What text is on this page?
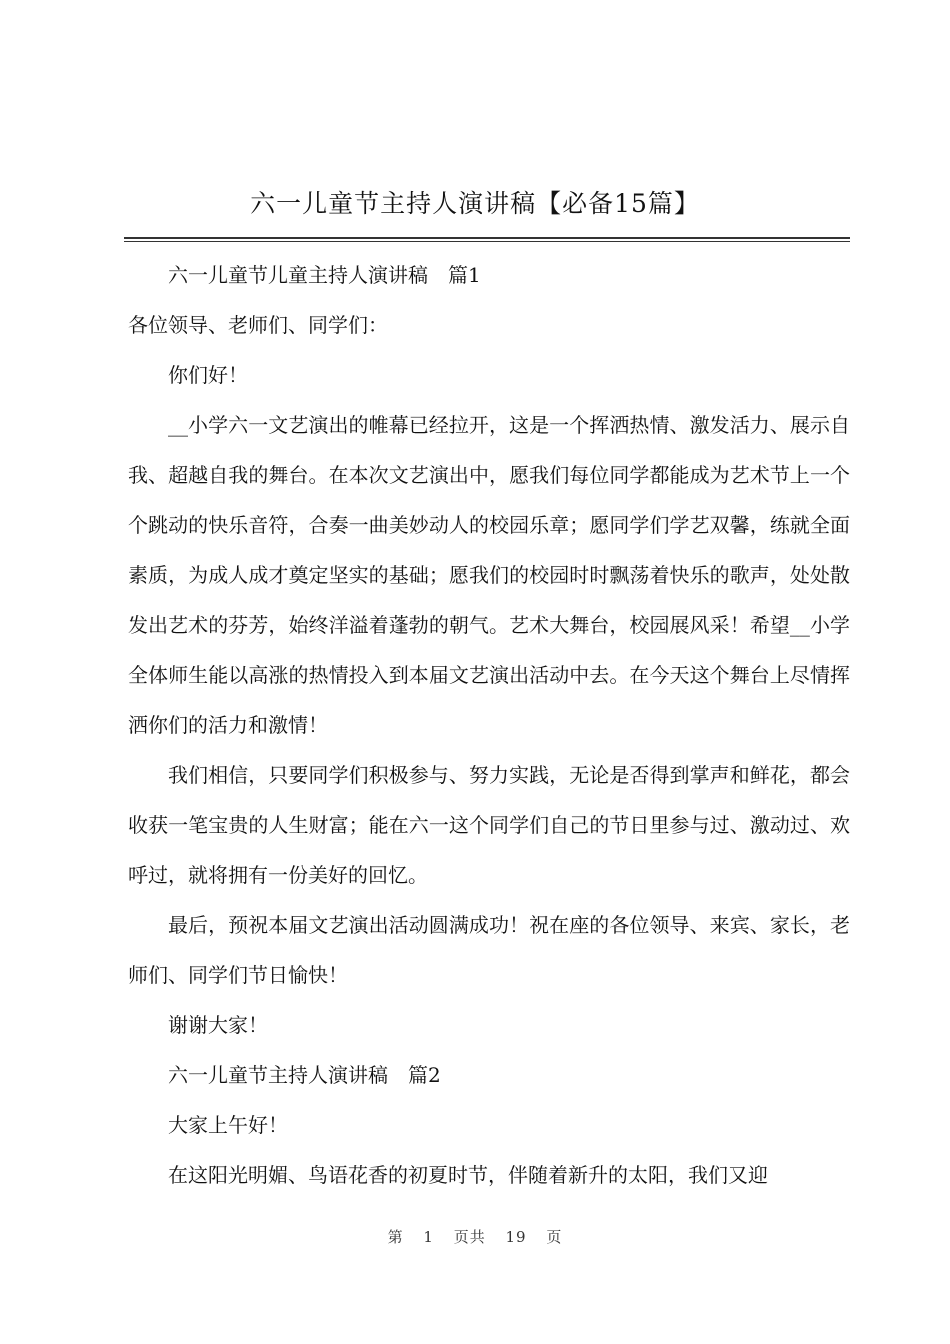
六一儿童节主持人演讲稿【必备15篇】

六一儿童节儿童主持人演讲稿　篇1

各位领导、老师们、同学们：

你们好！

__小学六一文艺演出的帷幕已经拉开，这是一个挥洒热情、激发活力、展示自我、超越自我的舞台。在本次文艺演出中，愿我们每位同学都能成为艺术节上一个个跳动的快乐音符，合奏一曲美妙动人的校园乐章；愿同学们学艺双馨，练就全面素质，为成人成才奠定坚实的基础；愿我们的校园时时飘荡着快乐的歌声，处处散发出艺术的芬芳，始终洋溢着蓬勃的朝气。艺术大舞台，校园展风采！希望__小学全体师生能以高涨的热情投入到本届文艺演出活动中去。在今天这个舞台上尽情挥洒你们的活力和激情！

我们相信，只要同学们积极参与、努力实践，无论是否得到掌声和鲜花，都会收获一笔宝贵的人生财富；能在六一这个同学们自己的节日里参与过、激动过、欢呼过，就将拥有一份美好的回忆。

最后，预祝本届文艺演出活动圆满成功！祝在座的各位领导、来宾、家长，老师们、同学们节日愉快！

谢谢大家！

六一儿童节主持人演讲稿　篇2

大家上午好！

在这阳光明媚、鸟语花香的初夏时节，伴随着新升的太阳，我们又迎

第 1 页共 19 页
